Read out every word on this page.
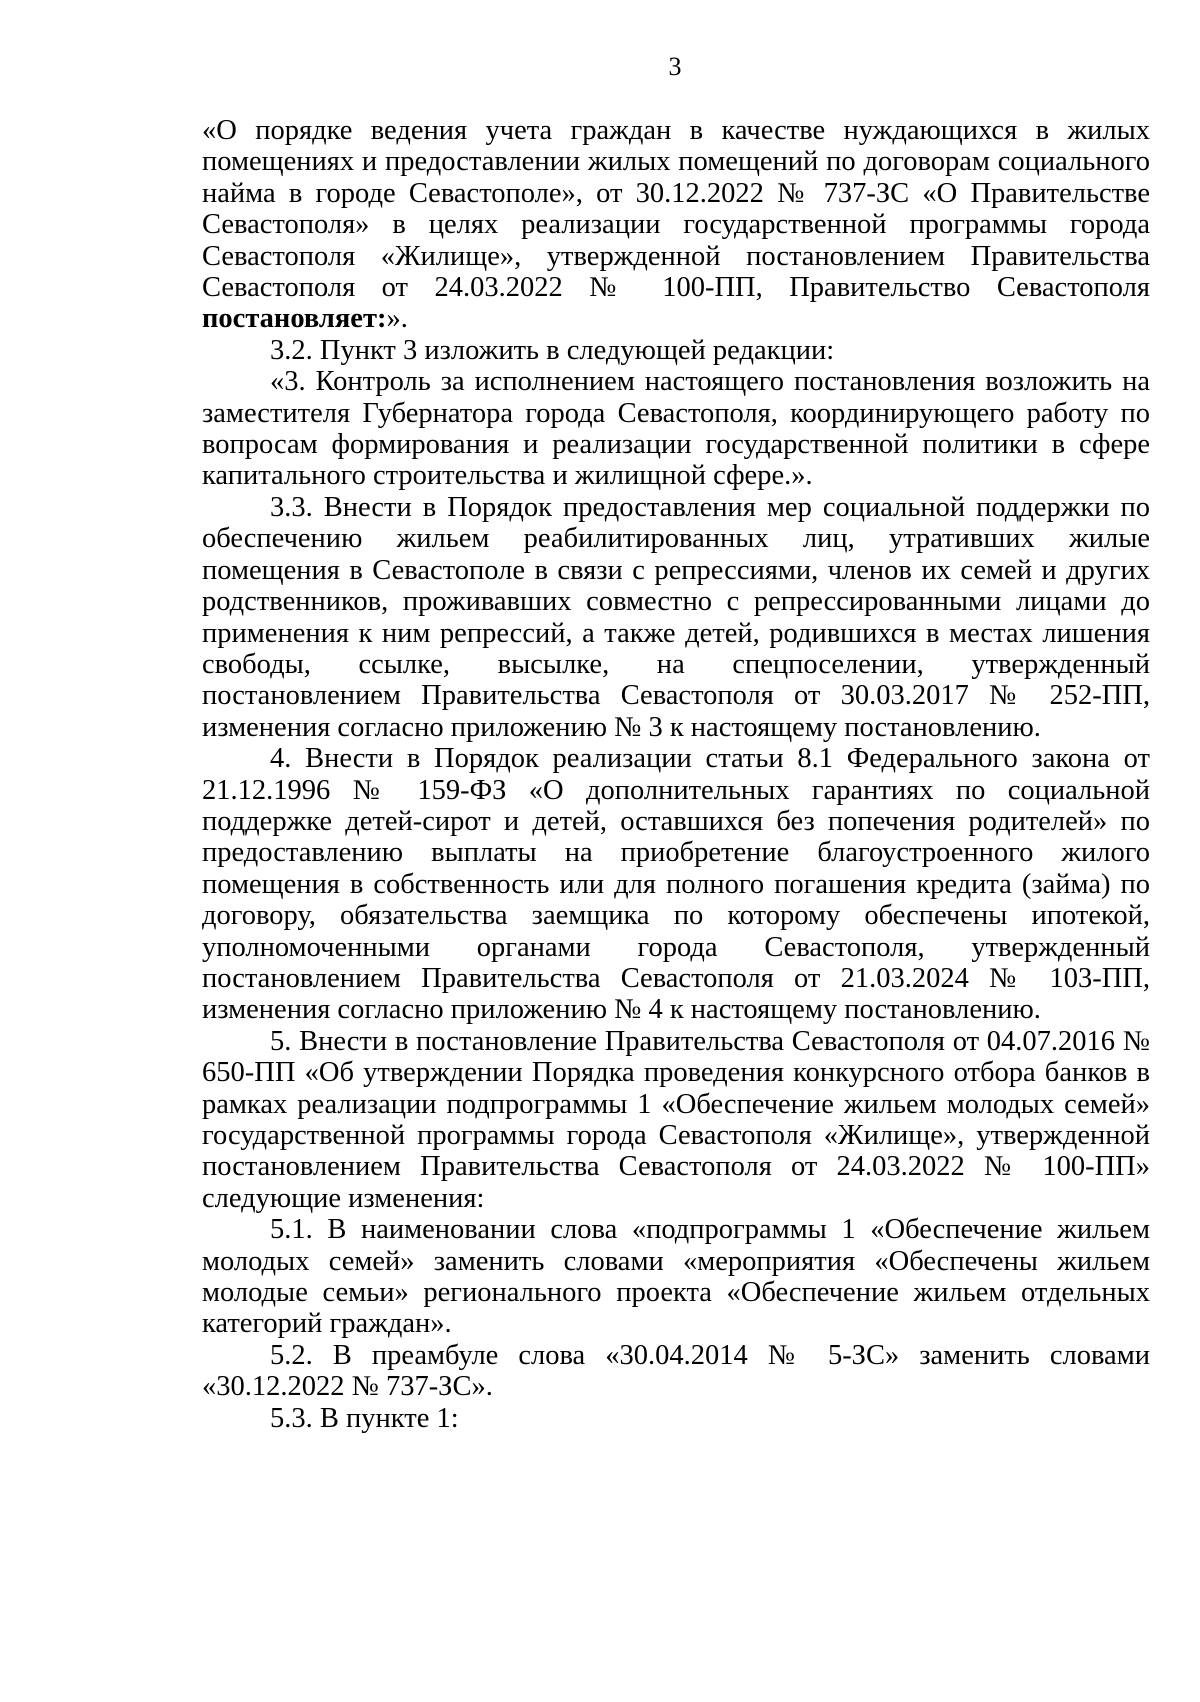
3

«О порядке ведения учета граждан в качестве нуждающихся в жилых помещениях и предоставлении жилых помещений по договорам социального найма в городе Севастополе», от 30.12.2022 № 737-ЗС «О Правительстве Севастополя» в целях реализации государственной программы города Севастополя «Жилище», утвержденной постановлением Правительства Севастополя от 24.03.2022 № 100-ПП, Правительство Севастополя постановляет:».

3.2. Пункт 3 изложить в следующей редакции:

«3. Контроль за исполнением настоящего постановления возложить на заместителя Губернатора города Севастополя, координирующего работу по вопросам формирования и реализации государственной политики в сфере капитального строительства и жилищной сфере.».

3.3. Внести в Порядок предоставления мер социальной поддержки по обеспечению жильем реабилитированных лиц, утративших жилые помещения в Севастополе в связи с репрессиями, членов их семей и других родственников, проживавших совместно с репрессированными лицами до применения к ним репрессий, а также детей, родившихся в местах лишения свободы, ссылке, высылке, на спецпоселении, утвержденный постановлением Правительства Севастополя от 30.03.2017 № 252-ПП, изменения согласно приложению № 3 к настоящему постановлению.

4. Внести в Порядок реализации статьи 8.1 Федерального закона от 21.12.1996 № 159-ФЗ «О дополнительных гарантиях по социальной поддержке детей-сирот и детей, оставшихся без попечения родителей» по предоставлению выплаты на приобретение благоустроенного жилого помещения в собственность или для полного погашения кредита (займа) по договору, обязательства заемщика по которому обеспечены ипотекой, уполномоченными органами города Севастополя, утвержденный постановлением Правительства Севастополя от 21.03.2024 № 103-ПП, изменения согласно приложению № 4 к настоящему постановлению.

5. Внести в постановление Правительства Севастополя от 04.07.2016 № 650-ПП «Об утверждении Порядка проведения конкурсного отбора банков в рамках реализации подпрограммы 1 «Обеспечение жильем молодых семей» государственной программы города Севастополя «Жилище», утвержденной постановлением Правительства Севастополя от 24.03.2022 № 100-ПП» следующие изменения:

5.1. В наименовании слова «подпрограммы 1 «Обеспечение жильем молодых семей» заменить словами «мероприятия «Обеспечены жильем молодые семьи» регионального проекта «Обеспечение жильем отдельных категорий граждан».

5.2. В преамбуле слова «30.04.2014 № 5-ЗС» заменить словами «30.12.2022 № 737-ЗС».

5.3. В пункте 1:
